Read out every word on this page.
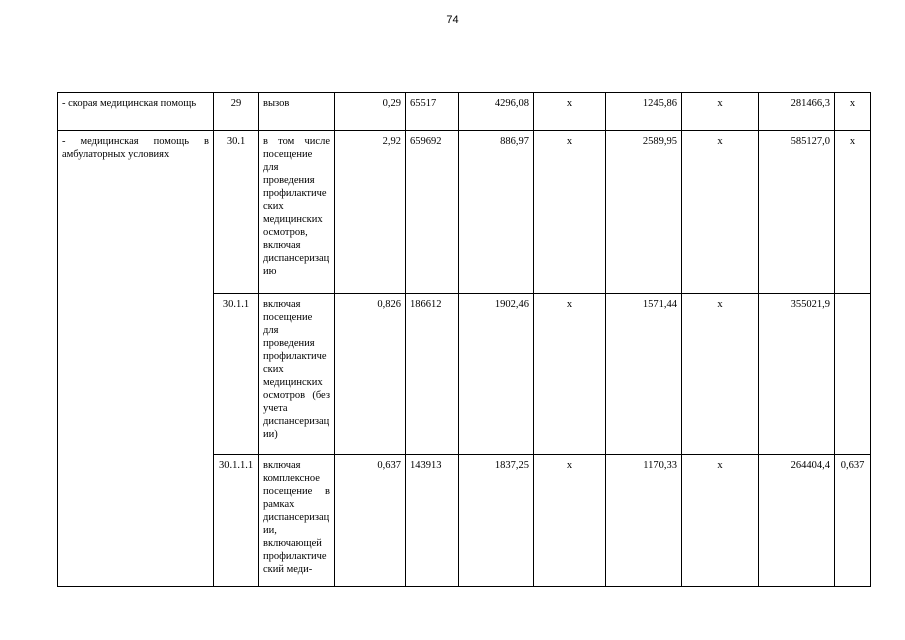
74
- скорая медицинская помощь	29	вызов	0,29	65517	4296,08	х	1245,86	х	281466,3	х
- медицинская помощь в амбулаторных условиях	30.1	в том числе посещение для проведения профилактических медицинских осмотров, включая диспансеризацию	2,92	659692	886,97	х	2589,95	х	585127,0	х
	30.1.1	включая посещение для проведения профилактических медицинских осмотров (без учета диспансеризации)	0,826	186612	1902,46	х	1571,44	х	355021,9	
	30.1.1.1	включая комплексное посещение в рамках диспансеризации, включающей профилактический меди-	0,637	143913	1837,25	х	1170,33	х	264404,4	0,637
